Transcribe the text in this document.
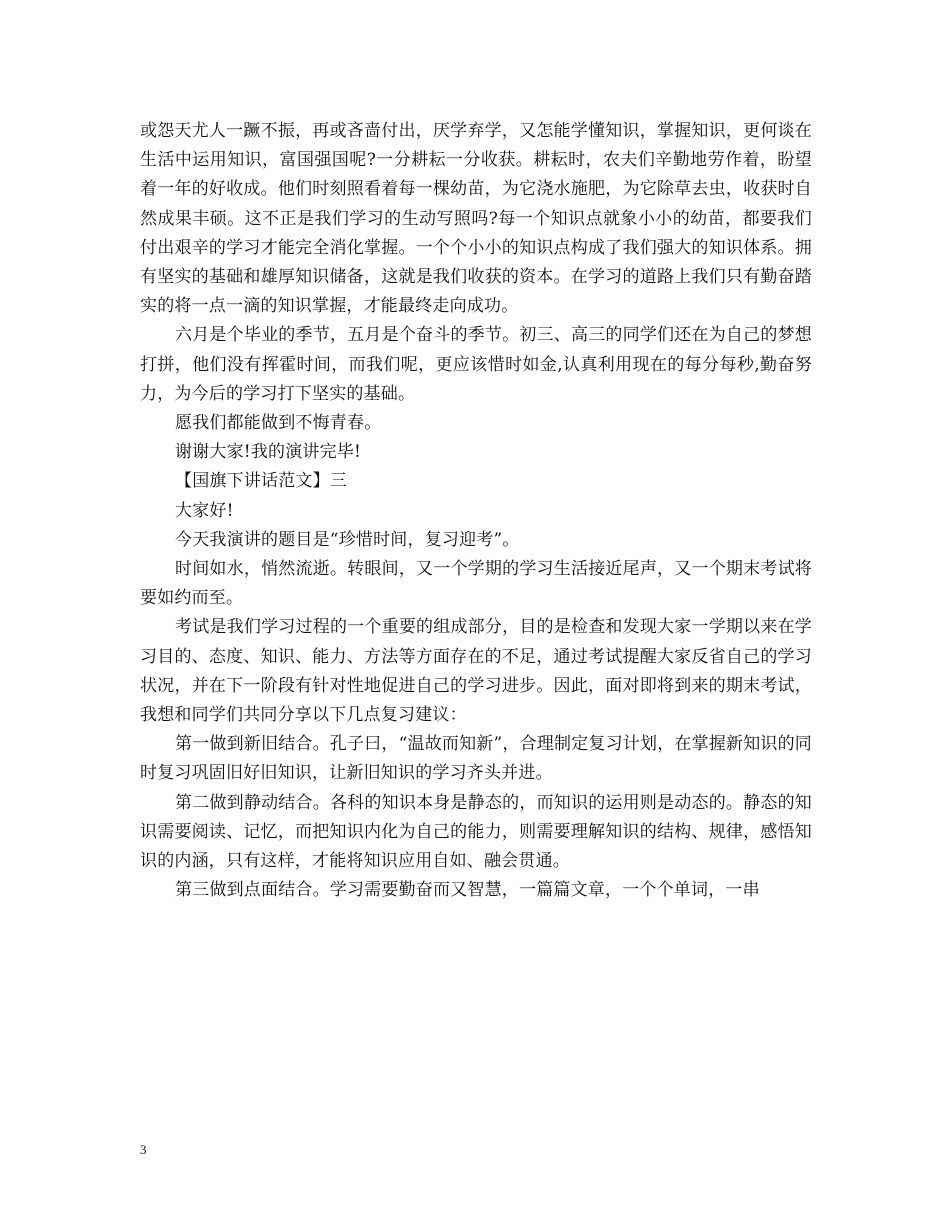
或怨天尤人一蹶不振，再或吝啬付出，厌学弃学，又怎能学懂知识，掌握知识，更何谈在生活中运用知识，富国强国呢?一分耕耘一分收获。耕耘时，农夫们辛勤地劳作着，盼望着一年的好收成。他们时刻照看着每一棵幼苗，为它浇水施肥，为它除草去虫，收获时自然成果丰硕。这不正是我们学习的生动写照吗?每一个知识点就象小小的幼苗，都要我们付出艰辛的学习才能完全消化掌握。一个个小小的知识点构成了我们强大的知识体系。拥有坚实的基础和雄厚知识储备，这就是我们收获的资本。在学习的道路上我们只有勤奋踏实的将一点一滴的知识掌握，才能最终走向成功。

六月是个毕业的季节，五月是个奋斗的季节。初三、高三的同学们还在为自己的梦想打拼，他们没有挥霍时间，而我们呢，更应该惜时如金,认真利用现在的每分每秒,勤奋努力，为今后的学习打下坚实的基础。

愿我们都能做到不悔青春。

谢谢大家!我的演讲完毕!

【国旗下讲话范文】三

大家好!

今天我演讲的题目是“珍惜时间，复习迎考”。

时间如水，悄然流逝。转眼间，又一个学期的学习生活接近尾声，又一个期末考试将要如约而至。

考试是我们学习过程的一个重要的组成部分，目的是检查和发现大家一学期以来在学习目的、态度、知识、能力、方法等方面存在的不足，通过考试提醒大家反省自己的学习状况，并在下一阶段有针对性地促进自己的学习进步。因此，面对即将到来的期末考试，我想和同学们共同分享以下几点复习建议：

第一做到新旧结合。孔子曰，“温故而知新”，合理制定复习计划，在掌握新知识的同时复习巩固旧好旧知识，让新旧知识的学习齐头并进。

第二做到静动结合。各科的知识本身是静态的，而知识的运用则是动态的。静态的知识需要阅读、记忆，而把知识内化为自己的能力，则需要理解知识的结构、规律，感悟知识的内涵，只有这样，才能将知识应用自如、融会贯通。

第三做到点面结合。学习需要勤奋而又智慧，一篇篇文章，一个个单词，一串

3
